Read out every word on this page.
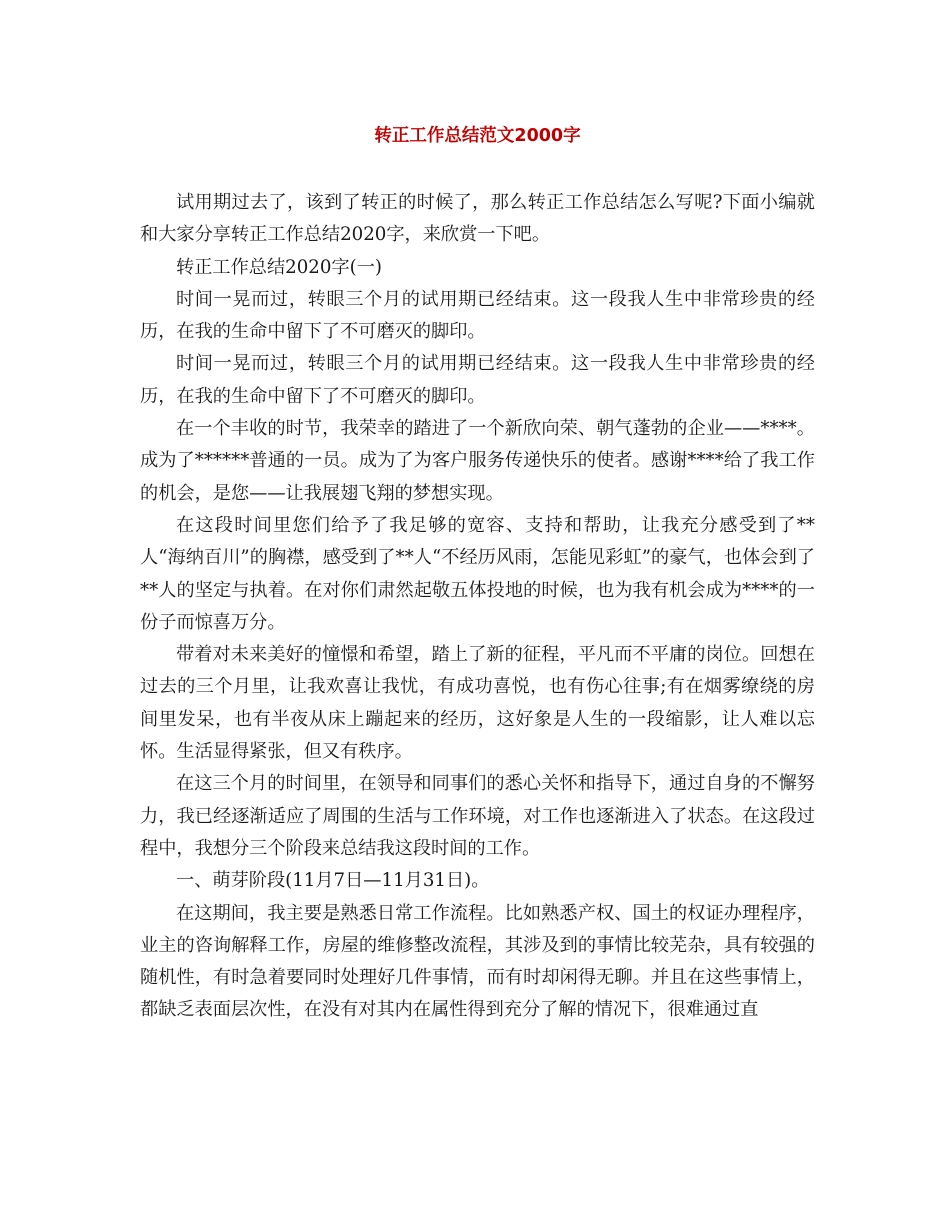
转正工作总结范文2000字

试用期过去了，该到了转正的时候了，那么转正工作总结怎么写呢?下面小编就和大家分享转正工作总结2020字，来欣赏一下吧。

转正工作总结2020字(一)

时间一晃而过，转眼三个月的试用期已经结束。这一段我人生中非常珍贵的经历，在我的生命中留下了不可磨灭的脚印。

时间一晃而过，转眼三个月的试用期已经结束。这一段我人生中非常珍贵的经历，在我的生命中留下了不可磨灭的脚印。

在一个丰收的时节，我荣幸的踏进了一个新欣向荣、朝气蓬勃的企业——****。成为了******普通的一员。成为了为客户服务传递快乐的使者。感谢****给了我工作的机会，是您——让我展翅飞翔的梦想实现。

在这段时间里您们给予了我足够的宽容、支持和帮助，让我充分感受到了**人“海纳百川”的胸襟，感受到了**人“不经历风雨，怎能见彩虹”的豪气，也体会到了**人的坚定与执着。在对你们肃然起敬五体投地的时候，也为我有机会成为****的一份子而惊喜万分。

带着对未来美好的憧憬和希望，踏上了新的征程，平凡而不平庸的岗位。回想在过去的三个月里，让我欢喜让我忧，有成功喜悦，也有伤心往事;有在烟雾缭绕的房间里发呆，也有半夜从床上蹦起来的经历，这好象是人生的一段缩影，让人难以忘怀。生活显得紧张，但又有秩序。

在这三个月的时间里，在领导和同事们的悉心关怀和指导下，通过自身的不懈努力，我已经逐渐适应了周围的生活与工作环境，对工作也逐渐进入了状态。在这段过程中，我想分三个阶段来总结我这段时间的工作。

一、萌芽阶段(11月7日—11月31日)。

在这期间，我主要是熟悉日常工作流程。比如熟悉产权、国土的权证办理程序，业主的咨询解释工作，房屋的维修整改流程，其涉及到的事情比较芜杂，具有较强的随机性，有时急着要同时处理好几件事情，而有时却闲得无聊。并且在这些事情上，都缺乏表面层次性，在没有对其内在属性得到充分了解的情况下，很难通过直
